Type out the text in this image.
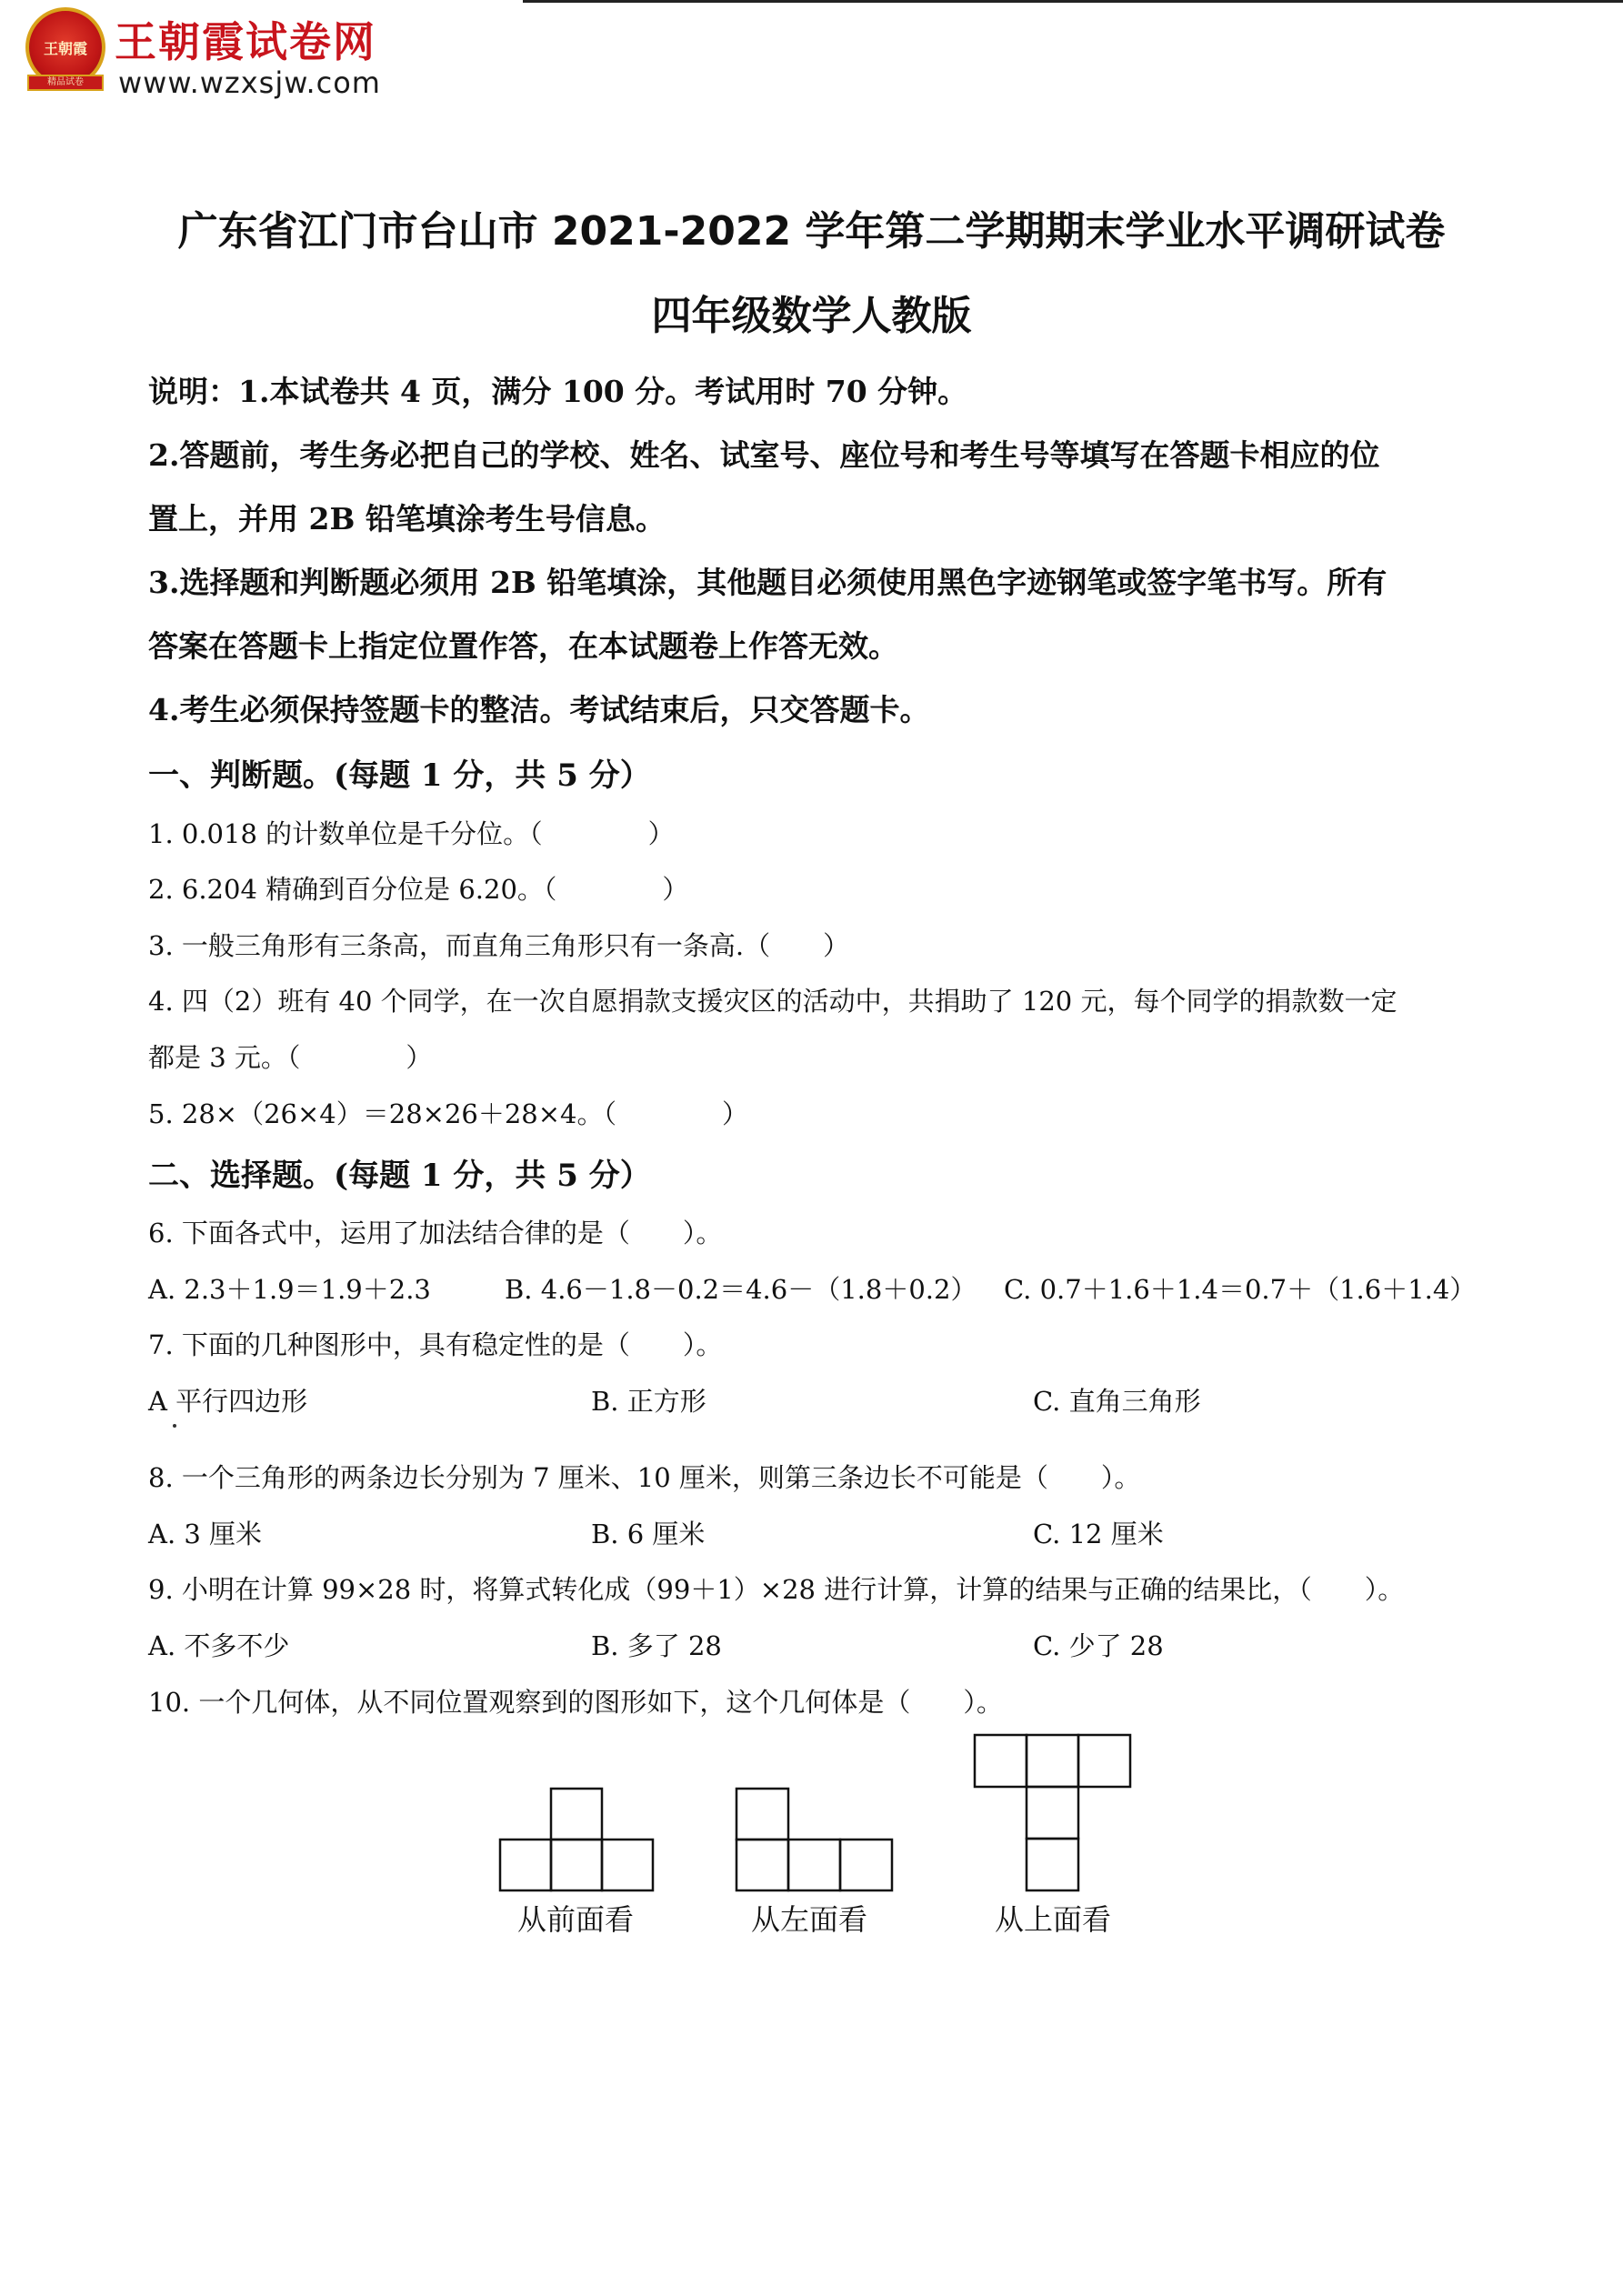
王朝霞
精品试卷
王朝霞试卷网
www.wzxsjw.com
广东省江门市台山市 2021-2022 学年第二学期期末学业水平调研试卷
四年级数学人教版
说明：1.本试卷共 4 页，满分 100 分。考试用时 70 分钟。
2.答题前，考生务必把自己的学校、姓名、试室号、座位号和考生号等填写在答题卡相应的位
置上，并用 2B 铅笔填涂考生号信息。
3.选择题和判断题必须用 2B 铅笔填涂，其他题目必须使用黑色字迹钢笔或签字笔书写。所有
答案在答题卡上指定位置作答，在本试题卷上作答无效。
4.考生必须保持签题卡的整洁。考试结束后，只交答题卡。
一、判断题。(每题 1 分，共 5 分）
1. 0.018 的计数单位是千分位。（　　　　）
2. 6.204 精确到百分位是 6.20。（　　　　）
3. 一般三角形有三条高，而直角三角形只有一条高.（　　）
4. 四（2）班有 40 个同学，在一次自愿捐款支援灾区的活动中，共捐助了 120 元，每个同学的捐款数一定
都是 3 元。（　　　　）
5. 28×（26×4）＝28×26＋28×4。（　　　　）
二、选择题。(每题 1 分，共 5 分）
6. 下面各式中，运用了加法结合律的是（　　）。
A. 2.3＋1.9＝1.9＋2.3	B. 4.6－1.8－0.2＝4.6－（1.8＋0.2） C. 0.7＋1.6＋1.4＝0.7＋（1.6＋1.4）
7. 下面的几种图形中，具有稳定性的是（　　）。
A 平行四边形	B. 正方形	C. 直角三角形
8. 一个三角形的两条边长分别为 7 厘米、10 厘米，则第三条边长不可能是（　　）。
A. 3 厘米	B. 6 厘米	C. 12 厘米
9. 小明在计算 99×28 时，将算式转化成（99＋1）×28 进行计算，计算的结果与正确的结果比，（　　）。
A. 不多不少	B. 多了 28	C. 少了 28
10. 一个几何体，从不同位置观察到的图形如下，这个几何体是（　　）。
从前面看	从左面看	从上面看
